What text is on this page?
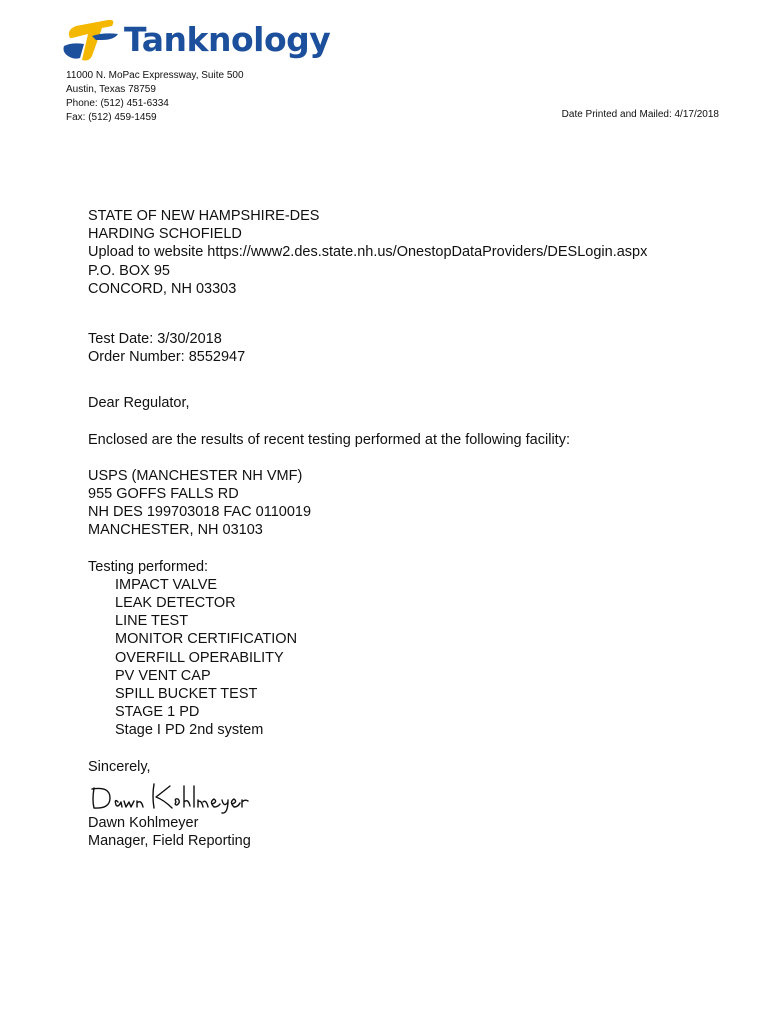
Tanknology
11000 N. MoPac Expressway, Suite 500
Austin, Texas 78759
Phone: (512) 451-6334
Fax: (512) 459-1459	Date Printed and Mailed: 4/17/2018
STATE OF NEW HAMPSHIRE-DES
HARDING SCHOFIELD
Upload to website https://www2.des.state.nh.us/OnestopDataProviders/DESLogin.aspx
P.O. BOX 95
CONCORD, NH 03303
Test Date: 3/30/2018
Order Number: 8552947
Dear Regulator,
Enclosed are the results of recent testing performed at the following facility:
USPS (MANCHESTER NH VMF)
955 GOFFS FALLS RD
NH DES 199703018 FAC 0110019
MANCHESTER, NH 03103
Testing performed:
IMPACT VALVE
LEAK DETECTOR
LINE TEST
MONITOR CERTIFICATION
OVERFILL OPERABILITY
PV VENT CAP
SPILL BUCKET TEST
STAGE 1 PD
Stage I PD 2nd system
Sincerely,
Dawn Kohlmeyer
Manager, Field Reporting
